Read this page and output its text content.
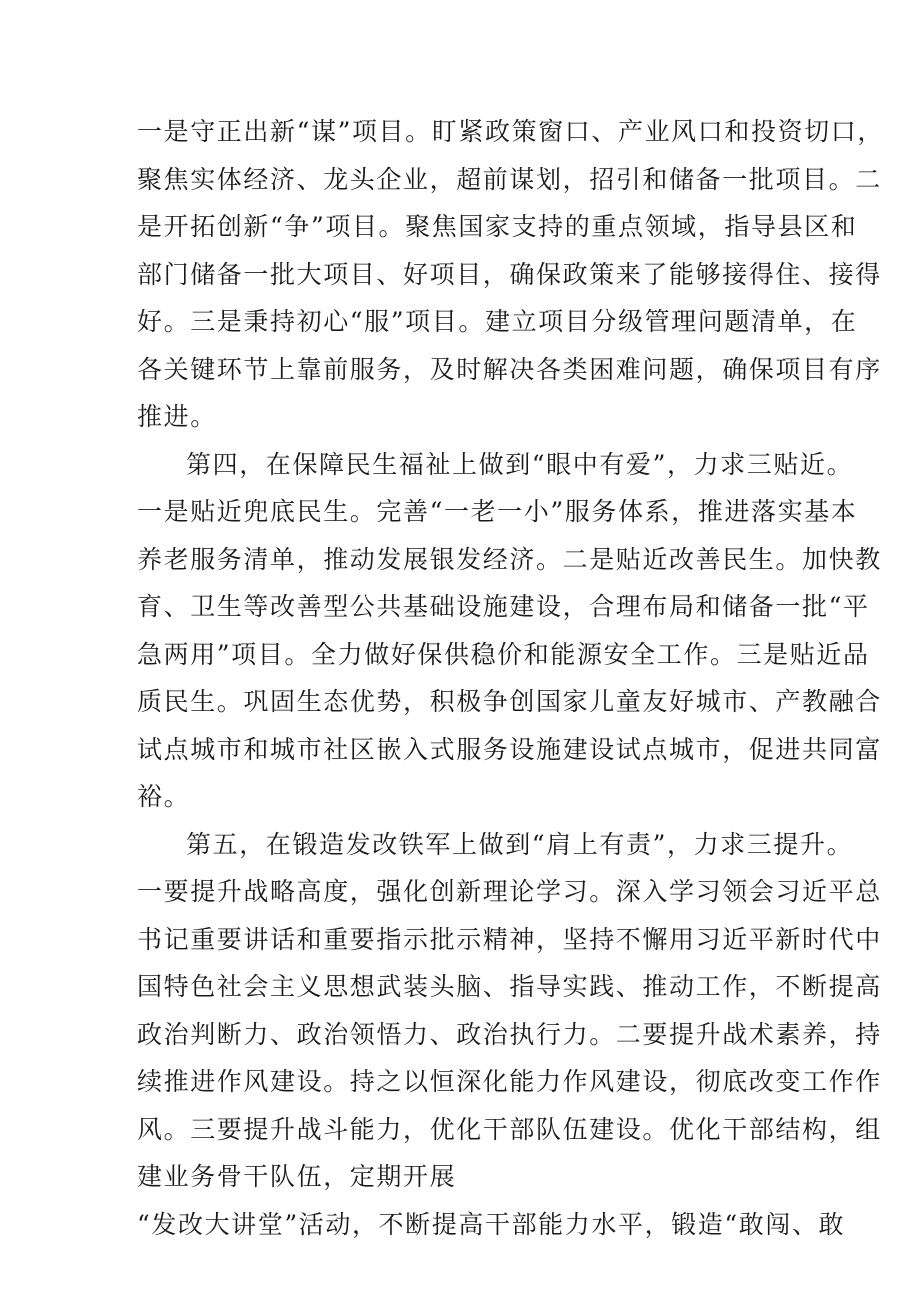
一是守正出新“谋”项目。盯紧政策窗口、产业风口和投资切口，
聚焦实体经济、龙头企业，超前谋划，招引和储备一批项目。二
是开拓创新“争”项目。聚焦国家支持的重点领域，指导县区和
部门储备一批大项目、好项目，确保政策来了能够接得住、接得
好。三是秉持初心“服”项目。建立项目分级管理问题清单，在
各关键环节上靠前服务，及时解决各类困难问题，确保项目有序
推进。
第四，在保障民生福祉上做到“眼中有爱”，力求三贴近。
一是贴近兜底民生。完善“一老一小”服务体系，推进落实基本
养老服务清单，推动发展银发经济。二是贴近改善民生。加快教
育、卫生等改善型公共基础设施建设，合理布局和储备一批“平
急两用”项目。全力做好保供稳价和能源安全工作。三是贴近品
质民生。巩固生态优势，积极争创国家儿童友好城市、产教融合
试点城市和城市社区嵌入式服务设施建设试点城市，促进共同富
裕。
第五，在锻造发改铁军上做到“肩上有责”，力求三提升。
一要提升战略高度，强化创新理论学习。深入学习领会习近平总
书记重要讲话和重要指示批示精神，坚持不懈用习近平新时代中
国特色社会主义思想武装头脑、指导实践、推动工作，不断提高
政治判断力、政治领悟力、政治执行力。二要提升战术素养，持
续推进作风建设。持之以恒深化能力作风建设，彻底改变工作作
风。三要提升战斗能力，优化干部队伍建设。优化干部结构，组
建业务骨干队伍，定期开展
“发改大讲堂”活动，不断提高干部能力水平，锻造“敢闯、敢
